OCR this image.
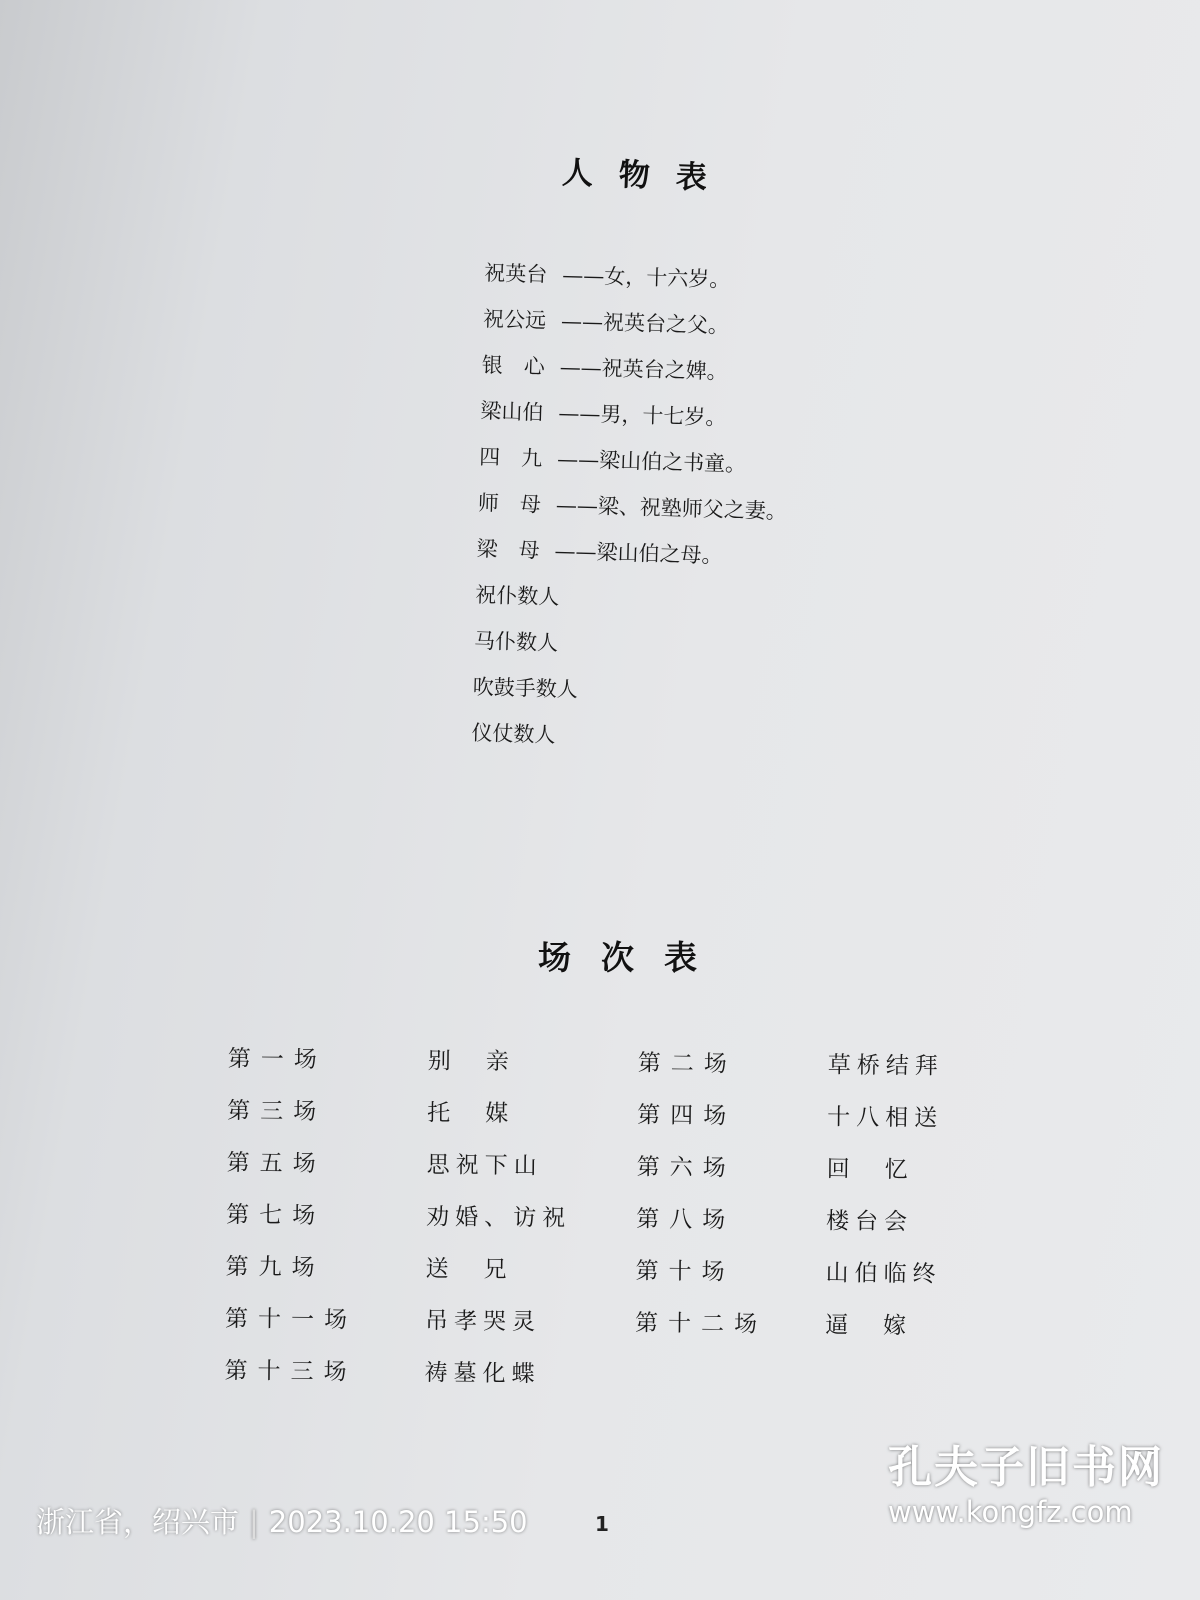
人物表
祝英台 ——女，十六岁。
祝公远 ——祝英台之父。
银　心 ——祝英台之婢。
梁山伯 ——男，十七岁。
四　九 ——梁山伯之书童。
师　母 ——梁、祝塾师父之妻。
梁　母 ——梁山伯之母。
祝仆数人
马仆数人
吹鼓手数人
仪仗数人
场次表
第一场	别　亲	第二场	草桥结拜
第三场	托　媒	第四场	十八相送
第五场	思祝下山	第六场	回　忆
第七场	劝婚、访祝	第八场	楼台会
第九场	送　兄	第十场	山伯临终
第十一场	吊孝哭灵	第十二场	逼　嫁
第十三场	祷墓化蝶
1
浙江省，绍兴市 | 2023.10.20 15:50
孔夫子旧书网
www.kongfz.com
